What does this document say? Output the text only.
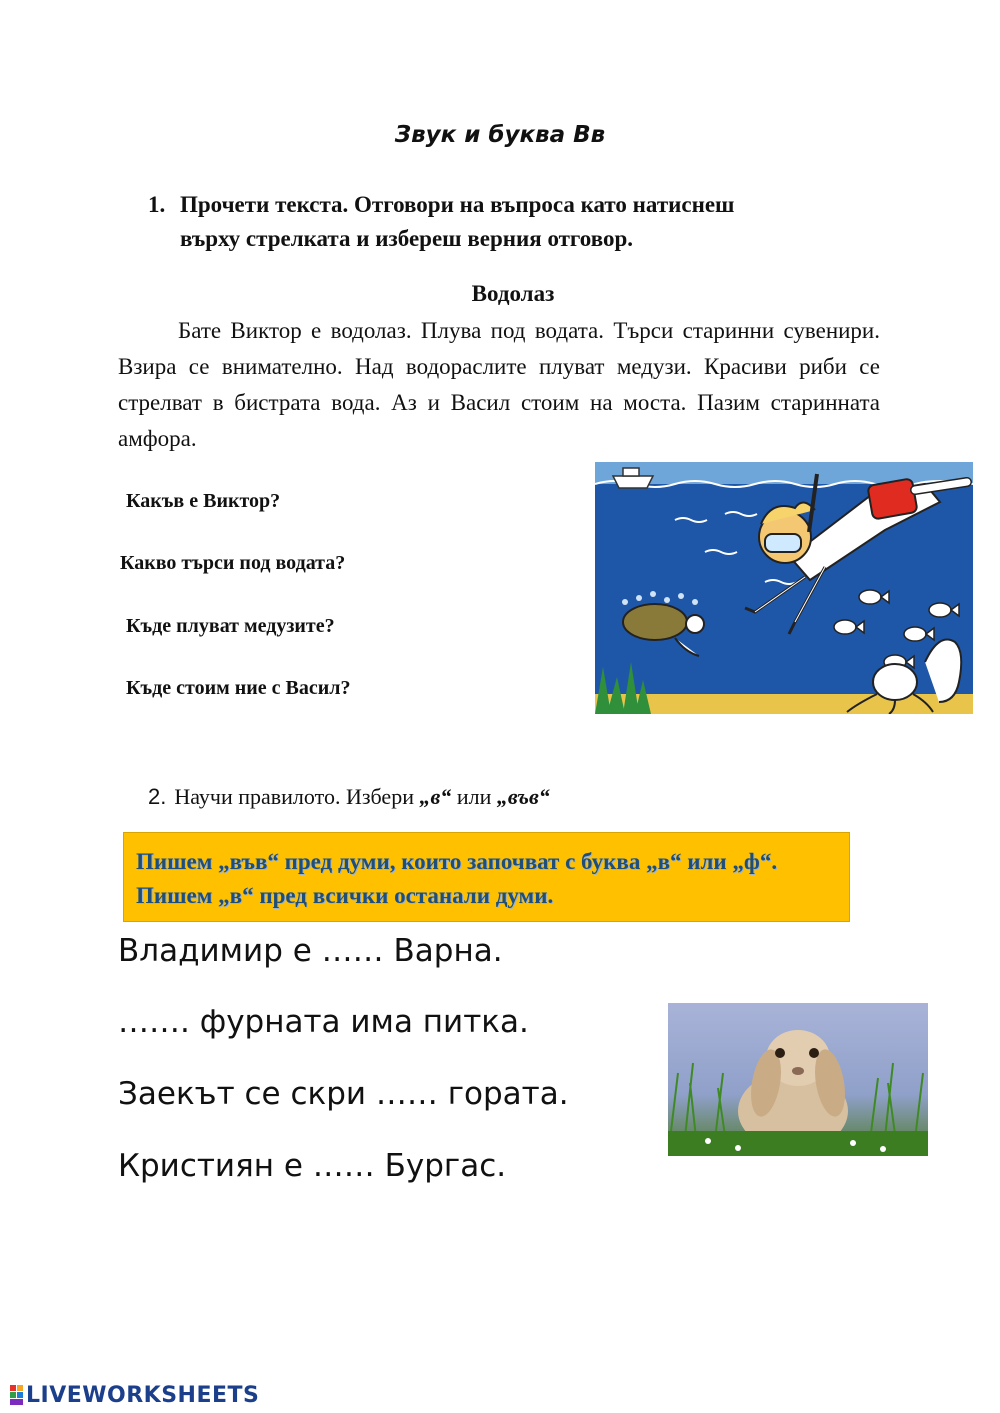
Звук и буква Вв
1. Прочети текста. Отговори на въпроса като натиснеш
върху стрелката и избереш верния отговор.
Водолаз
Бате Виктор е водолаз. Плува под водата. Търси старинни сувенири. Взира се внимателно. Над водораслите плуват медузи. Красиви риби се стрелват в бистрата вода. Аз и Васил стоим на моста. Пазим старинната амфора.
Какъв е Виктор?
Какво търси под водата?
Къде плуват медузите?
Къде стоим ние с Васил?
2. Научи правилото. Избери „в“ или „във“
Пишем „във“ пред думи, които започват с буква „в“ или „ф“.
Пишем „в“ пред всички останали думи.
Владимир е …… Варна.
……. фурната има питка.
Заекът се скри …… гората.
Кристиян е …… Бургас.
LIVEWORKSHEETS
